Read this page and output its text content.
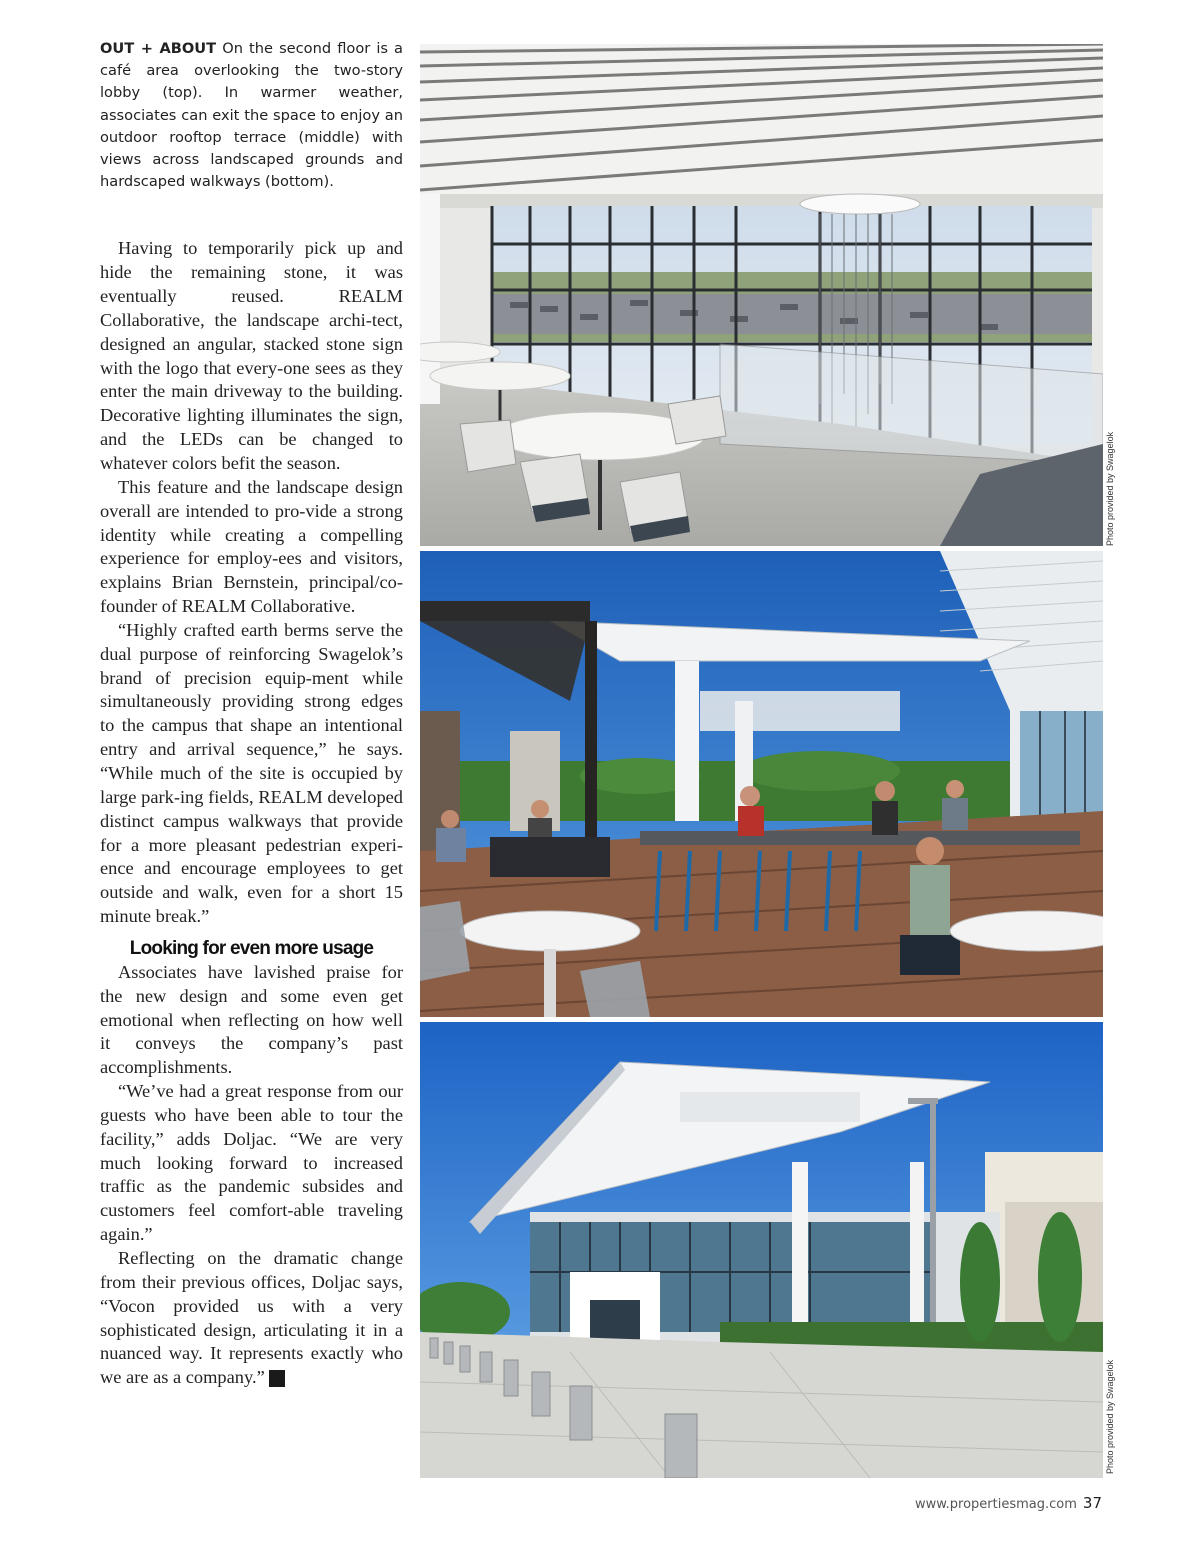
OUT + ABOUT On the second floor is a café area overlooking the two-story lobby (top). In warmer weather, associates can exit the space to enjoy an outdoor rooftop terrace (middle) with views across landscaped grounds and hardscaped walkways (bottom).

Having to temporarily pick up and hide the remaining stone, it was eventually reused. REALM Collaborative, the landscape archi-tect, designed an angular, stacked stone sign with the logo that every-one sees as they enter the main driveway to the building. Decorative lighting illuminates the sign, and the LEDs can be changed to whatever colors befit the season.

This feature and the landscape design overall are intended to pro-vide a strong identity while creating a compelling experience for employ-ees and visitors, explains Brian Bernstein, principal/co-founder of REALM Collaborative.

“Highly crafted earth berms serve the dual purpose of reinforcing Swagelok’s brand of precision equip-ment while simultaneously providing strong edges to the campus that shape an intentional entry and arrival sequence,” he says. “While much of the site is occupied by large park-ing fields, REALM developed distinct campus walkways that provide for a more pleasant pedestrian experi-ence and encourage employees to get outside and walk, even for a short 15 minute break.”

Looking for even more usage

Associates have lavished praise for the new design and some even get emotional when reflecting on how well it conveys the company’s past accomplishments.

“We’ve had a great response from our guests who have been able to tour the facility,” adds Doljac. “We are very much looking forward to increased traffic as the pandemic subsides and customers feel comfort-able traveling again.”

Reflecting on the dramatic change from their previous offices, Doljac says, “Vocon provided us with a very sophisticated design, articulating it in a nuanced way. It represents exactly who we are as a company.” P

Photo provided by Swagelok
Photo provided by Swagelok
www.propertiesmag.com 37
